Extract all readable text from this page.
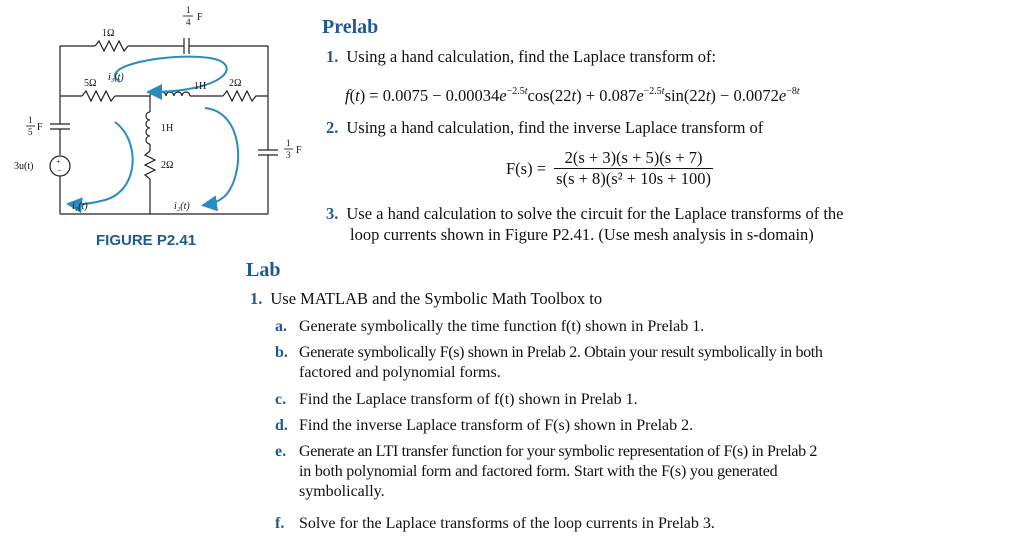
+
−
1Ω
1
4 F
5Ω
i₃(t)
1H 2Ω
1
5 F	1H
3u(t)	2Ω
1
3 F
i₁(t)	i₂(t)
FIGURE P2.41
Prelab
1. Using a hand calculation, find the Laplace transform of:
$f(t) = 0.0075 - 0.00034e^{-2.5t}\cos(22t) + 0.087e^{-2.5t}\sin(22t) - 0.0072e^{-8t}$
2. Using a hand calculation, find the inverse Laplace transform of
$F(s) = \frac{2(s + 3)(s + 5)(s + 7)}{\text{s(s + 8)(s² + 10s + 100)}}$
3. Use a hand calculation to solve the circuit for the Laplace transforms of the
loop currents shown in Figure P2.41. (Use mesh analysis in s-domain)
Lab
1. Use MATLAB and the Symbolic Math Toolbox to
a. Generate symbolically the time function f(t) shown in Prelab 1.
b. Generate symbolically F(s) shown in Prelab 2. Obtain your result symbolically in both
factored and polynomial forms.
c. Find the Laplace transform of f(t) shown in Prelab 1.
d. Find the inverse Laplace transform of F(s) shown in Prelab 2.
e. Generate an LTI transfer function for your symbolic representation of F(s) in Prelab 2
in both polynomial form and factored form. Start with the F(s) you generated
symbolically.
f. Solve for the Laplace transforms of the loop currents in Prelab 3.
